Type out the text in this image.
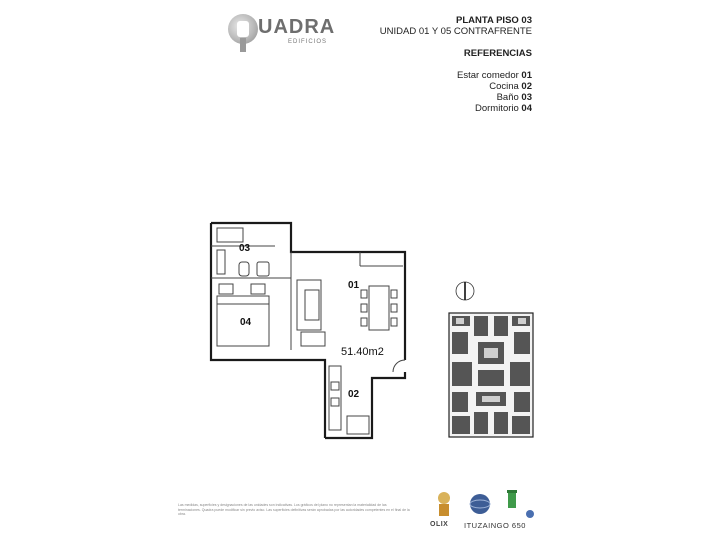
UADRA
EDIFICIOS
PLANTA PISO 03
UNIDAD 01 Y 05 CONTRAFRENTE
REFERENCIAS
Estar comedor 01
Cocina 02
Baño 03
Dormitorio 04
03
01
04
02
51.40m2
Las medidas, superficies y designaciones de las unidades son indicativas. Los gráficos del plano no representan la materialidad de las terminaciones. Quadra puede modificar sin previo aviso. Las superficies definitivas serán aprobadas por las autoridades competentes en el final de la obra.
OLIX ITUZAINGO 650
